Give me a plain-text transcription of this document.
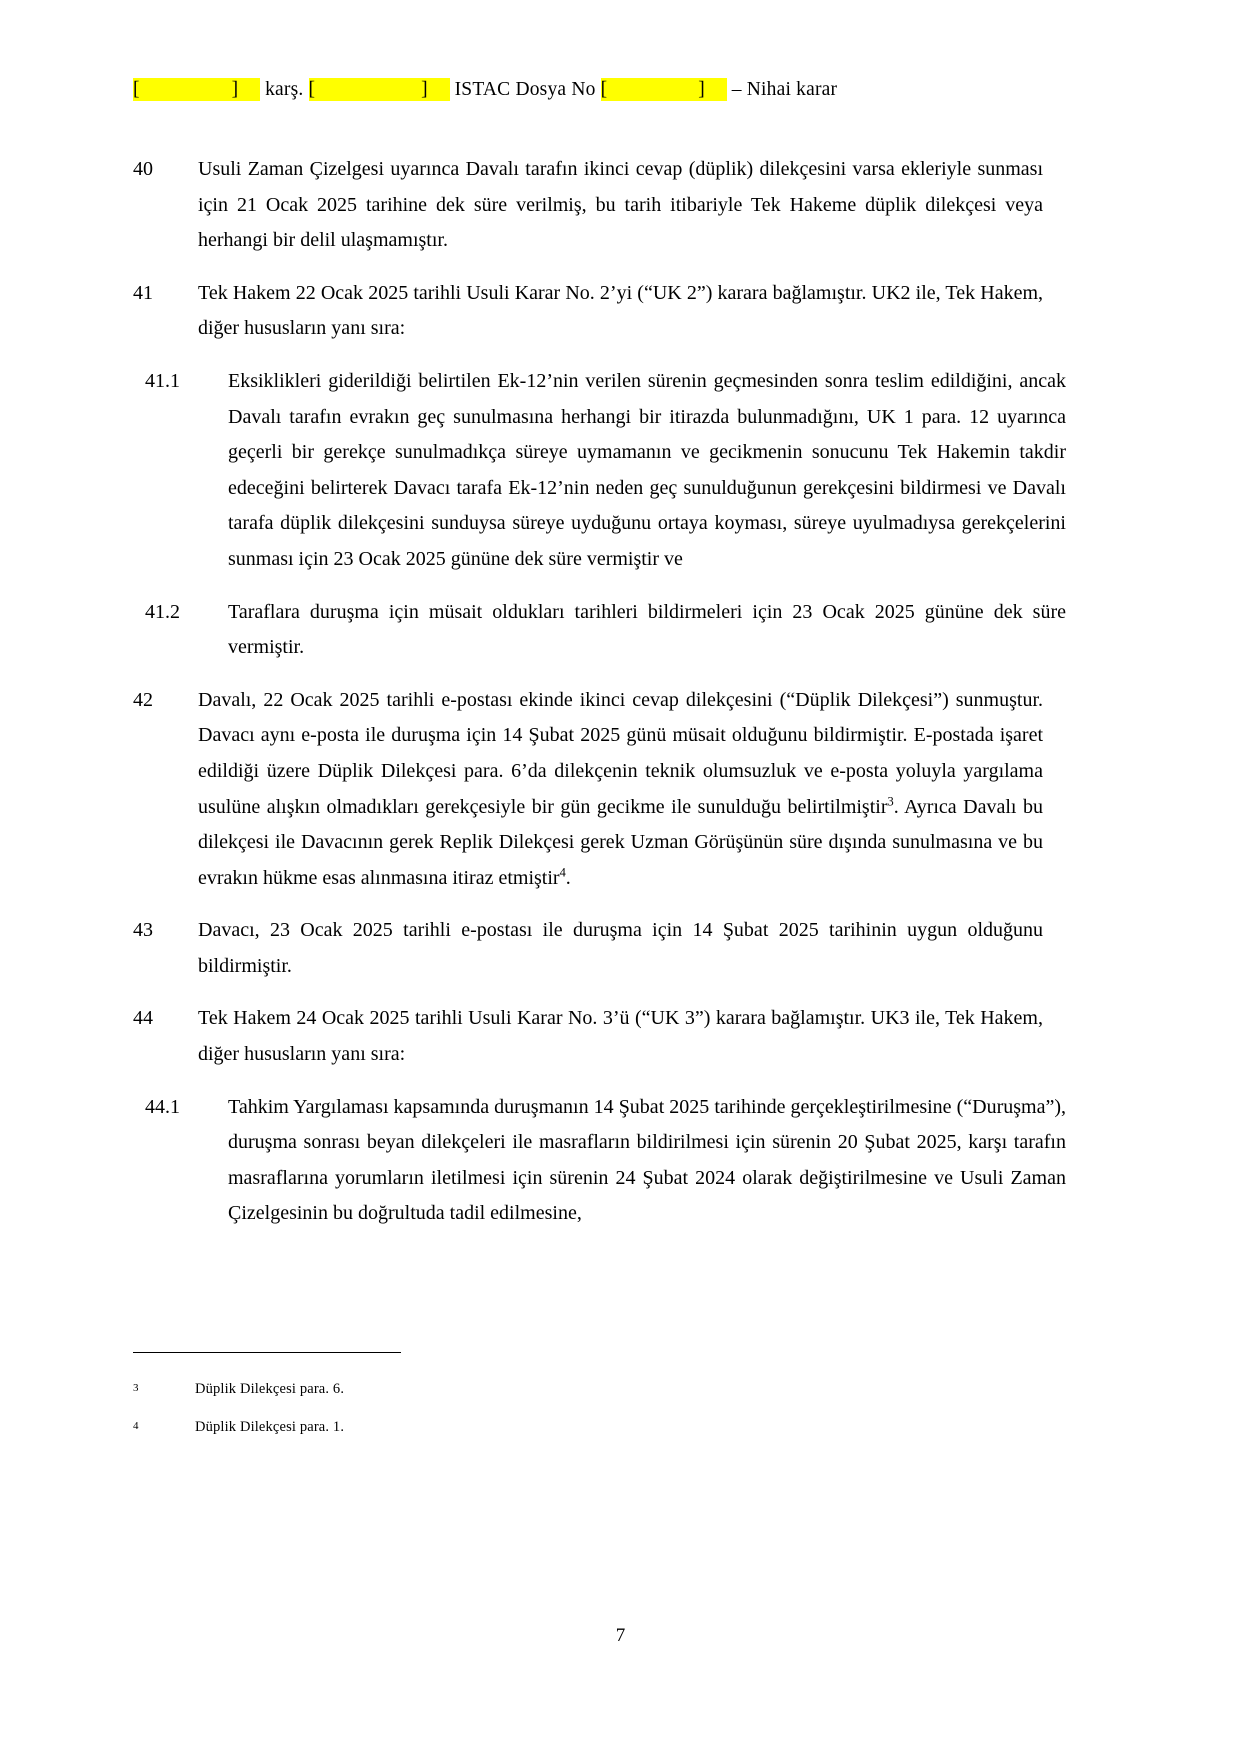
[	] karş. [	] ISTAC Dosya No [	] – Nihai karar
40	Usuli Zaman Çizelgesi uyarınca Davalı tarafın ikinci cevap (düplik) dilekçesini varsa ekleriyle sunması için 21 Ocak 2025 tarihine dek süre verilmiş, bu tarih itibariyle Tek Hakeme düplik dilekçesi veya herhangi bir delil ulaşmamıştır.
41	Tek Hakem 22 Ocak 2025 tarihli Usuli Karar No. 2’yi (“UK 2”) karara bağlamıştır. UK2 ile, Tek Hakem, diğer hususların yanı sıra:
41.1	Eksiklikleri giderildiği belirtilen Ek-12’nin verilen sürenin geçmesinden sonra teslim edildiğini, ancak Davalı tarafın evrakın geç sunulmasına herhangi bir itirazda bulunmadığını, UK 1 para. 12 uyarınca geçerli bir gerekçe sunulmadıkça süreye uymamanın ve gecikmenin sonucunu Tek Hakemin takdir edeceğini belirterek Davacı tarafa Ek-12’nin neden geç sunulduğunun gerekçesini bildirmesi ve Davalı tarafa düplik dilekçesini sunduysa süreye uyduğunu ortaya koyması, süreye uyulmadıysa gerekçelerini sunması için 23 Ocak 2025 gününe dek süre vermiştir ve
41.2	Taraflara duruşma için müsait oldukları tarihleri bildirmeleri için 23 Ocak 2025 gününe dek süre vermiştir.
42	Davalı, 22 Ocak 2025 tarihli e-postası ekinde ikinci cevap dilekçesini (“Düplik Dilekçesi”) sunmuştur. Davacı aynı e-posta ile duruşma için 14 Şubat 2025 günü müsait olduğunu bildirmiştir. E-postada işaret edildiği üzere Düplik Dilekçesi para. 6’da dilekçenin teknik olumsuzluk ve e-posta yoluyla yargılama usulüne alışkın olmadıkları gerekçesiyle bir gün gecikme ile sunulduğu belirtilmiştir$^3$. Ayrıca Davalı bu dilekçesi ile Davacının gerek Replik Dilekçesi gerek Uzman Görüşünün süre dışında sunulmasına ve bu evrakın hükme esas alınmasına itiraz etmiştir$^4$.
43	Davacı, 23 Ocak 2025 tarihli e-postası ile duruşma için 14 Şubat 2025 tarihinin uygun olduğunu bildirmiştir.
44	Tek Hakem 24 Ocak 2025 tarihli Usuli Karar No. 3’ü (“UK 3”) karara bağlamıştır. UK3 ile, Tek Hakem, diğer hususların yanı sıra:
44.1	Tahkim Yargılaması kapsamında duruşmanın 14 Şubat 2025 tarihinde gerçekleştirilmesine (“Duruşma”), duruşma sonrası beyan dilekçeleri ile masrafların bildirilmesi için sürenin 20 Şubat 2025, karşı tarafın masraflarına yorumların iletilmesi için sürenin 24 Şubat 2024 olarak değiştirilmesine ve Usuli Zaman Çizelgesinin bu doğrultuda tadil edilmesine,
3	Düplik Dilekçesi para. 6.
4	Düplik Dilekçesi para. 1.
7
